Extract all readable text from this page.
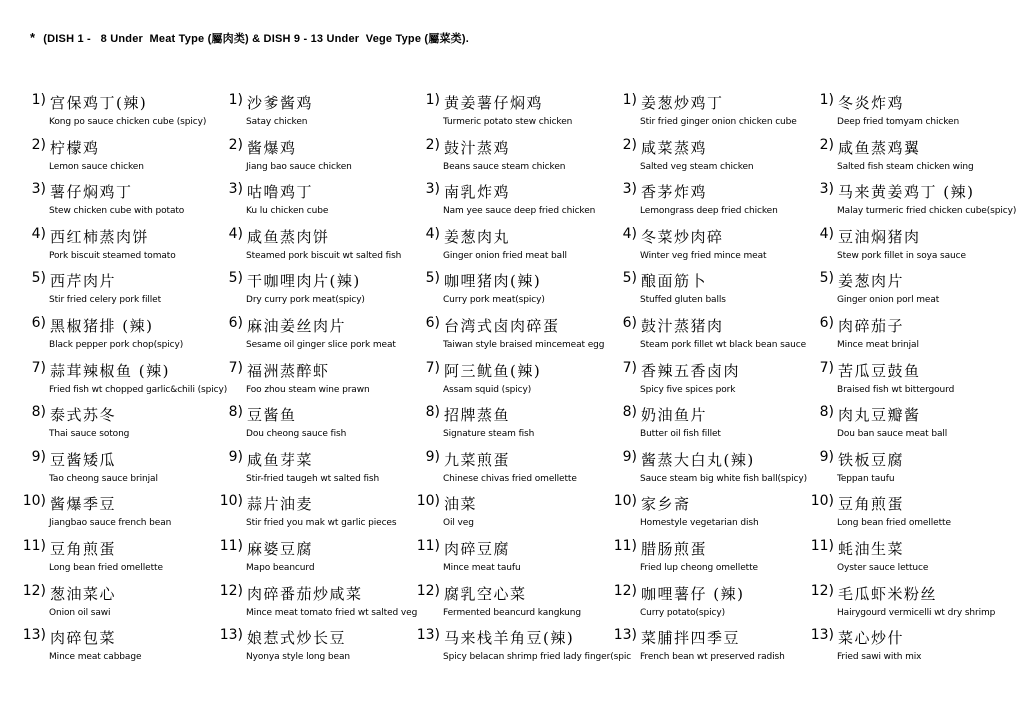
* (DISH 1 -   8 Under  Meat Type (屬肉类) & DISH 9 - 13 Under  Vege Type (屬菜类).
1) 宫保鸡丁(辣)
Kong po sauce chicken cube (spicy)
2) 柠檬鸡
Lemon sauce chicken
3) 薯仔焖鸡丁
Stew chicken cube with potato
4) 西红柿蒸肉饼
Pork biscuit steamed tomato
5) 西芹肉片
Stir fried celery pork fillet
6) 黑椒猪排 (辣)
Black pepper pork chop(spicy)
7) 蒜茸辣椒鱼 (辣)
Fried fish wt chopped garlic&chili (spicy)
8) 泰式苏冬
Thai sauce sotong
9) 豆酱矮瓜
Tao cheong sauce brinjal
10) 酱爆季豆
Jiangbao sauce french bean
11) 豆角煎蛋
Long bean fried omellette
12) 葱油菜心
Onion oil sawi
13) 肉碎包菜
Mince meat cabbage
1) 沙爹酱鸡
Satay chicken
2) 酱爆鸡
Jiang bao sauce chicken
3) 咕噜鸡丁
Ku lu chicken cube
4) 咸鱼蒸肉饼
Steamed pork biscuit wt salted fish
5) 干咖哩肉片(辣)
Dry curry pork meat(spicy)
6) 麻油姜丝肉片
Sesame oil ginger slice pork meat
7) 福洲蒸醉虾
Foo zhou steam wine prawn
8) 豆酱鱼
Dou cheong sauce fish
9) 咸鱼芽菜
Stir-fried taugeh wt salted fish
10) 蒜片油麦
Stir fried you mak wt garlic pieces
11) 麻婆豆腐
Mapo beancurd
12) 肉碎番茄炒咸菜
Mince meat tomato fried wt salted veg
13) 娘惹式炒长豆
Nyonya style long bean
1) 黄姜薯仔焖鸡
Turmeric potato stew chicken
2) 鼓汁蒸鸡
Beans sauce steam chicken
3) 南乳炸鸡
Nam yee sauce deep fried chicken
4) 姜葱肉丸
Ginger onion fried meat ball
5) 咖哩猪肉(辣)
Curry pork meat(spicy)
6) 台湾式卤肉碎蛋
Taiwan style braised mincemeat egg
7) 阿三鱿鱼(辣)
Assam squid (spicy)
8) 招牌蒸鱼
Signature steam fish
9) 九菜煎蛋
Chinese chivas fried omellette
10) 油菜
Oil veg
11) 肉碎豆腐
Mince meat taufu
12) 腐乳空心菜
Fermented beancurd kangkung
13) 马来栈羊角豆(辣)
Spicy belacan shrimp fried lady finger(spic
1) 姜葱炒鸡丁
Stir fried ginger onion chicken cube
2) 咸菜蒸鸡
Salted veg steam chicken
3) 香茅炸鸡
Lemongrass deep fried chicken
4) 冬菜炒肉碎
Winter veg fried mince meat
5) 酿面筋卜
Stuffed gluten balls
6) 鼓汁蒸猪肉
Steam pork fillet wt black bean sauce
7) 香辣五香卤肉
Spicy five spices pork
8) 奶油鱼片
Butter oil fish fillet
9) 酱蒸大白丸(辣)
Sauce steam big white fish ball(spicy)
10) 家乡斋
Homestyle vegetarian dish
11) 腊肠煎蛋
Fried lup cheong omellette
12) 咖哩薯仔 (辣)
Curry potato(spicy)
13) 菜脯拌四季豆
French bean wt preserved radish
1) 冬炎炸鸡
Deep fried tomyam chicken
2) 咸鱼蒸鸡翼
Salted fish steam chicken wing
3) 马来黄姜鸡丁 (辣)
Malay turmeric fried chicken cube(spicy)
4) 豆油焖猪肉
Stew pork fillet in soya sauce
5) 姜葱肉片
Ginger onion porl meat
6) 肉碎茄子
Mince meat brinjal
7) 苦瓜豆鼓鱼
Braised fish wt bittergourd
8) 肉丸豆瓣酱
Dou ban sauce meat ball
9) 铁板豆腐
Teppan taufu
10) 豆角煎蛋
Long bean fried omellette
11) 蚝油生菜
Oyster sauce lettuce
12) 毛瓜虾米粉丝
Hairygourd vermicelli wt dry shrimp
13) 菜心炒什
Fried sawi with mix
